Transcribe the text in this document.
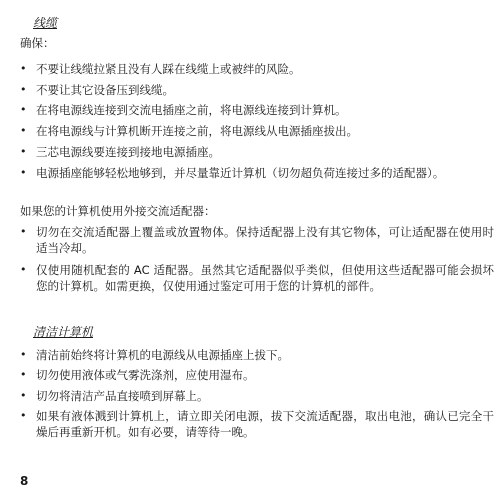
线缆
确保：
• 不要让线缆拉紧且没有人踩在线缆上或被绊的风险。
• 不要让其它设备压到线缆。
• 在将电源线连接到交流电插座之前，将电源线连接到计算机。
• 在将电源线与计算机断开连接之前，将电源线从电源插座拔出。
• 三芯电源线要连接到接地电源插座。
• 电源插座能够轻松地够到，并尽量靠近计算机（切勿超负荷连接过多的适配器）。
如果您的计算机使用外接交流适配器：
• 切勿在交流适配器上覆盖或放置物体。保持适配器上没有其它物体，可让适配器在使用时适当冷却。
• 仅使用随机配套的 AC 适配器。虽然其它适配器似乎类似，但使用这些适配器可能会损坏您的计算机。如需更换，仅使用通过鉴定可用于您的计算机的部件。
清洁计算机
• 清洁前始终将计算机的电源线从电源插座上拔下。
• 切勿使用液体或气雾洗涤剂，应使用湿布。
• 切勿将清洁产品直接喷到屏幕上。
• 如果有液体溅到计算机上，请立即关闭电源，拔下交流适配器，取出电池，确认已完全干燥后再重新开机。如有必要，请等待一晚。
8
